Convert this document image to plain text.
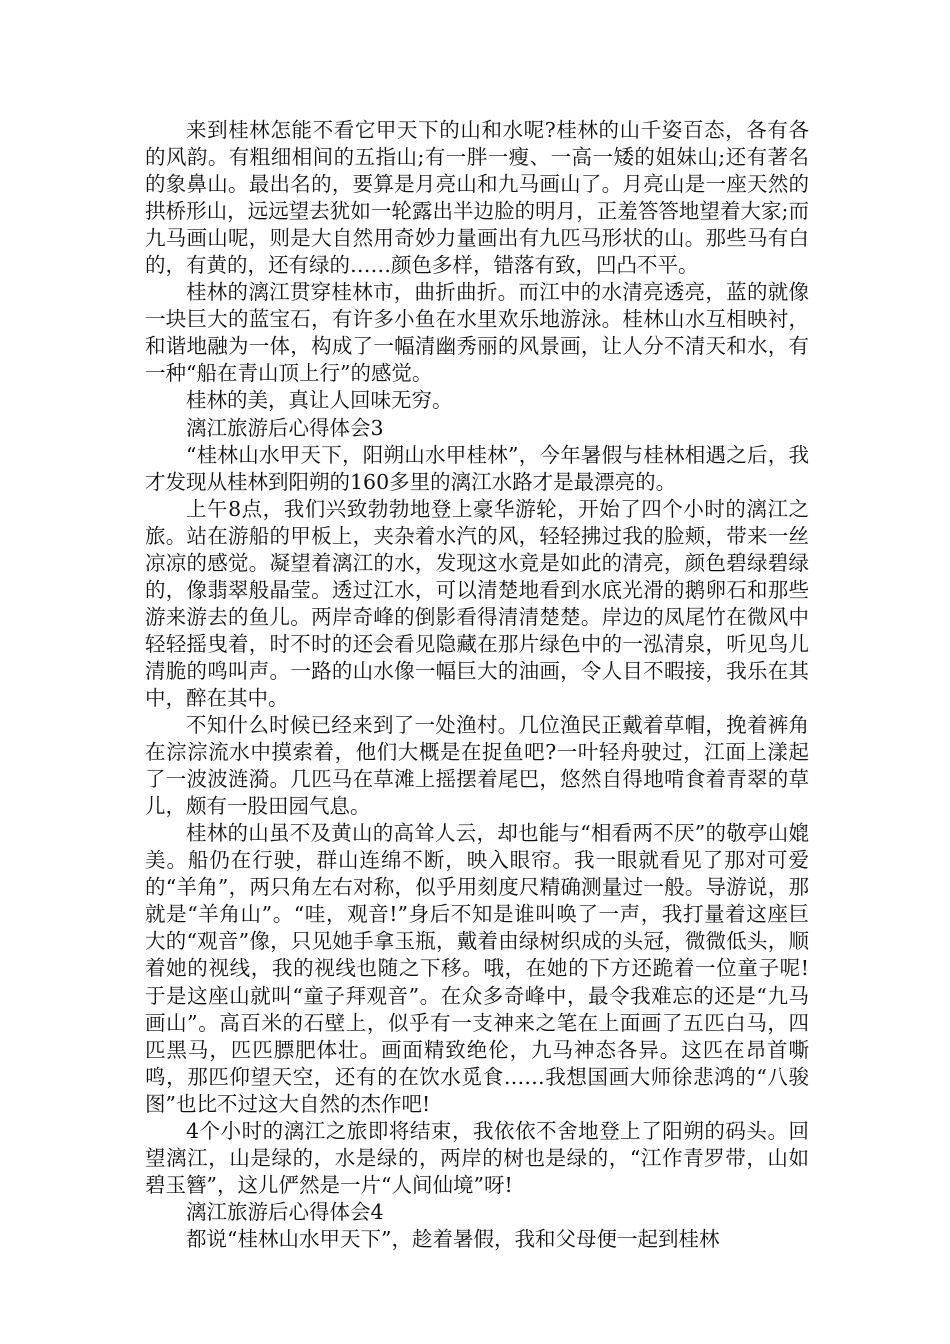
来到桂林怎能不看它甲天下的山和水呢?桂林的山千姿百态，各有各的风韵。有粗细相间的五指山;有一胖一瘦、一高一矮的姐妹山;还有著名的象鼻山。最出名的，要算是月亮山和九马画山了。月亮山是一座天然的拱桥形山，远远望去犹如一轮露出半边脸的明月，正羞答答地望着大家;而九马画山呢，则是大自然用奇妙力量画出有九匹马形状的山。那些马有白的，有黄的，还有绿的……颜色多样，错落有致，凹凸不平。

桂林的漓江贯穿桂林市，曲折曲折。而江中的水清亮透亮，蓝的就像一块巨大的蓝宝石，有许多小鱼在水里欢乐地游泳。桂林山水互相映衬，和谐地融为一体，构成了一幅清幽秀丽的风景画，让人分不清天和水，有一种“船在青山顶上行”的感觉。

桂林的美，真让人回味无穷。

漓江旅游后心得体会3

“桂林山水甲天下，阳朔山水甲桂林”，今年暑假与桂林相遇之后，我才发现从桂林到阳朔的160多里的漓江水路才是最漂亮的。

上午8点，我们兴致勃勃地登上豪华游轮，开始了四个小时的漓江之旅。站在游船的甲板上，夹杂着水汽的风，轻轻拂过我的脸颊，带来一丝凉凉的感觉。凝望着漓江的水，发现这水竟是如此的清亮，颜色碧绿碧绿的，像翡翠般晶莹。透过江水，可以清楚地看到水底光滑的鹅卵石和那些游来游去的鱼儿。两岸奇峰的倒影看得清清楚楚。岸边的凤尾竹在微风中轻轻摇曳着，时不时的还会看见隐藏在那片绿色中的一泓清泉，听见鸟儿清脆的鸣叫声。一路的山水像一幅巨大的油画，令人目不暇接，我乐在其中，醉在其中。

不知什么时候已经来到了一处渔村。几位渔民正戴着草帽，挽着裤角在淙淙流水中摸索着，他们大概是在捉鱼吧?一叶轻舟驶过，江面上漾起了一波波涟漪。几匹马在草滩上摇摆着尾巴，悠然自得地啃食着青翠的草儿，颇有一股田园气息。

桂林的山虽不及黄山的高耸人云，却也能与“相看两不厌”的敬亭山媲美。船仍在行驶，群山连绵不断，映入眼帘。我一眼就看见了那对可爱的“羊角”，两只角左右对称，似乎用刻度尺精确测量过一般。导游说，那就是“羊角山”。“哇，观音!”身后不知是谁叫唤了一声，我打量着这座巨大的“观音”像，只见她手拿玉瓶，戴着由绿树织成的头冠，微微低头，顺着她的视线，我的视线也随之下移。哦，在她的下方还跪着一位童子呢!于是这座山就叫“童子拜观音”。在众多奇峰中，最令我难忘的还是“九马画山”。高百米的石壁上，似乎有一支神来之笔在上面画了五匹白马，四匹黑马，匹匹膘肥体壮。画面精致绝伦，九马神态各异。这匹在昂首嘶鸣，那匹仰望天空，还有的在饮水觅食……我想国画大师徐悲鸿的“八骏图”也比不过这大自然的杰作吧!

4个小时的漓江之旅即将结束，我依依不舍地登上了阳朔的码头。回望漓江，山是绿的，水是绿的，两岸的树也是绿的，“江作青罗带，山如碧玉簪”，这儿俨然是一片“人间仙境”呀!

漓江旅游后心得体会4

都说“桂林山水甲天下”，趁着暑假，我和父母便一起到桂林
